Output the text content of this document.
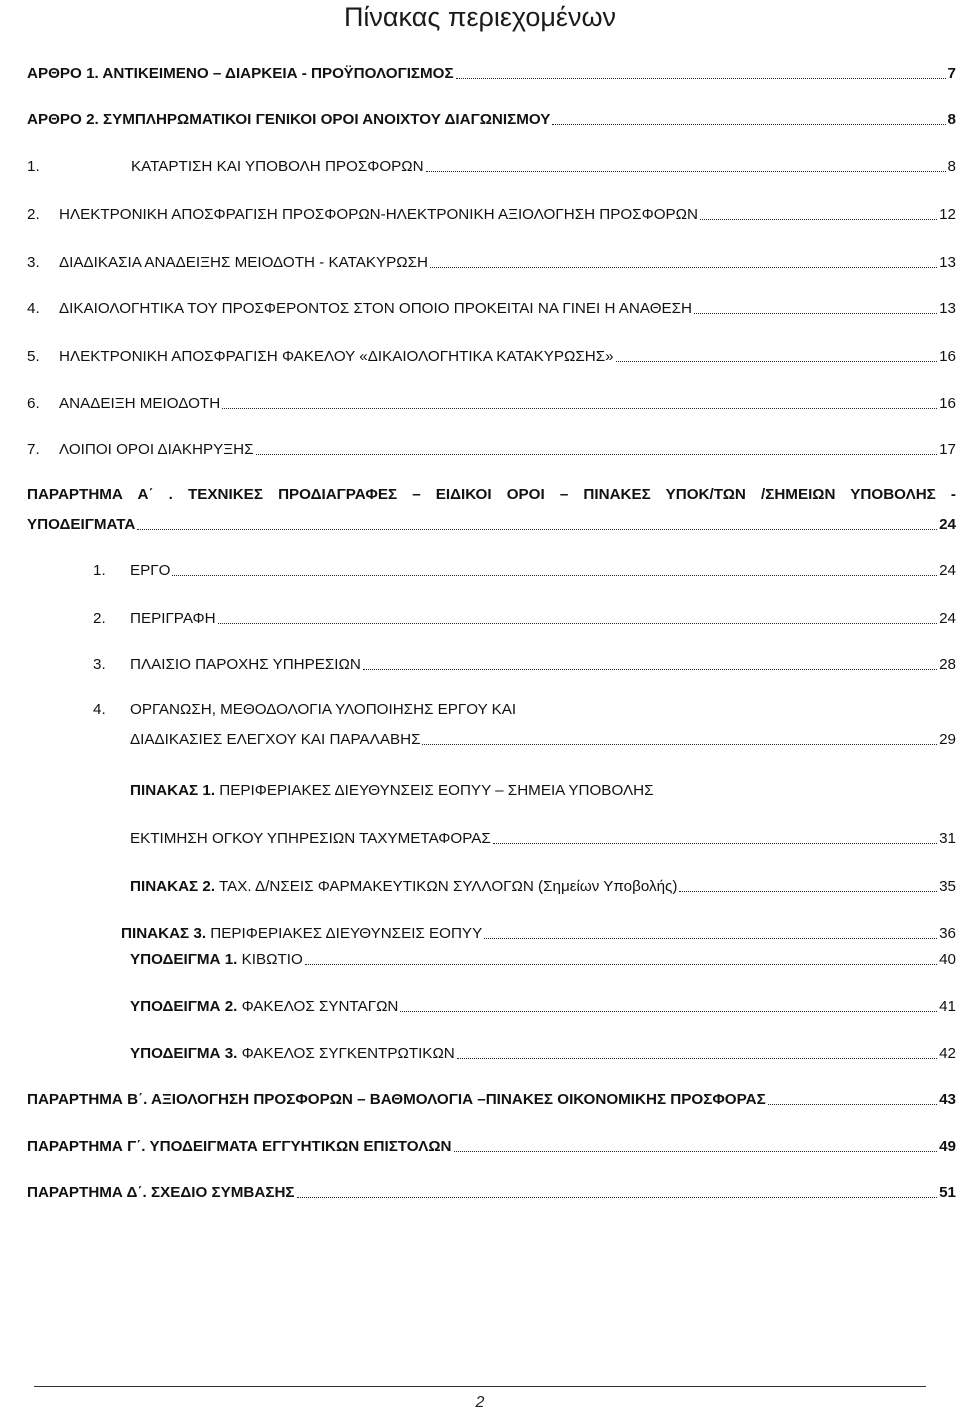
Πίνακας περιεχομένων
ΑΡΘΡΟ 1. ΑΝΤΙΚΕΙΜΕΝΟ – ΔΙΑΡΚΕΙΑ - ΠΡΟΫΠΟΛΟΓΙΣΜΟΣ	7
ΑΡΘΡΟ 2. ΣΥΜΠΛΗΡΩΜΑΤΙΚΟΙ ΓΕΝΙΚΟΙ ΟΡΟΙ ΑΝΟΙΧΤΟΥ ΔΙΑΓΩΝΙΣΜΟΥ	8
1.	ΚΑΤΑΡΤΙΣΗ ΚΑΙ ΥΠΟΒΟΛΗ ΠΡΟΣΦΟΡΩΝ	8
2.	ΗΛΕΚΤΡΟΝΙΚΗ ΑΠΟΣΦΡΑΓΙΣΗ ΠΡΟΣΦΟΡΩΝ-ΗΛΕΚΤΡΟΝΙΚΗ ΑΞΙΟΛΟΓΗΣΗ ΠΡΟΣΦΟΡΩΝ	12
3.	ΔΙΑΔΙΚΑΣΙΑ ΑΝΑΔΕΙΞΗΣ ΜΕΙΟΔΟΤΗ - ΚΑΤΑΚΥΡΩΣΗ	13
4.	ΔΙΚΑΙΟΛΟΓΗΤΙΚΑ ΤΟΥ ΠΡΟΣΦΕΡΟΝΤΟΣ ΣΤΟΝ ΟΠΟΙΟ ΠΡΟΚΕΙΤΑΙ ΝΑ ΓΙΝΕΙ Η ΑΝΑΘΕΣΗ	13
5.	ΗΛΕΚΤΡΟΝΙΚΗ ΑΠΟΣΦΡΑΓΙΣΗ ΦΑΚΕΛΟΥ «ΔΙΚΑΙΟΛΟΓΗΤΙΚΑ ΚΑΤΑΚΥΡΩΣΗΣ»	16
6.	ΑΝΑΔΕΙΞΗ ΜΕΙΟΔΟΤΗ	16
7.	ΛΟΙΠΟΙ ΟΡΟΙ ΔΙΑΚΗΡΥΞΗΣ	17
ΠΑΡΑΡΤΗΜΑ Α΄ . ΤΕΧΝΙΚΕΣ ΠΡΟΔΙΑΓΡΑΦΕΣ – ΕΙΔΙΚΟΙ ΟΡΟΙ – ΠΙΝΑΚΕΣ ΥΠΟΚ/ΤΩΝ /ΣΗΜΕΙΩΝ ΥΠΟΒΟΛΗΣ -
ΥΠΟΔΕΙΓΜΑΤΑ	24
1.	ΕΡΓΟ	24
2.	ΠΕΡΙΓΡΑΦΗ	24
3.	ΠΛΑΙΣΙΟ ΠΑΡΟΧΗΣ ΥΠΗΡΕΣΙΩΝ	28
4. ΟΡΓΑΝΩΣΗ, ΜΕΘΟΔΟΛΟΓΙΑ ΥΛΟΠΟΙΗΣΗΣ ΕΡΓΟΥ ΚΑΙ
ΔΙΑΔΙΚΑΣΙΕΣ ΕΛΕΓΧΟΥ ΚΑΙ ΠΑΡΑΛΑΒΗΣ	29
ΠΙΝΑΚΑΣ 1. ΠΕΡΙΦΕΡΙΑΚΕΣ ΔΙΕΥΘΥΝΣΕΙΣ ΕΟΠΥΥ – ΣΗΜΕΙΑ ΥΠΟΒΟΛΗΣ
ΕΚΤΙΜΗΣΗ ΟΓΚΟΥ ΥΠΗΡΕΣΙΩΝ ΤΑΧΥΜΕΤΑΦΟΡΑΣ	31
ΠΙΝΑΚΑΣ 2. ΤΑΧ. Δ/ΝΣΕΙΣ ΦΑΡΜΑΚΕΥΤΙΚΩΝ ΣΥΛΛΟΓΩΝ (Σημείων Υποβολής)	35
ΠΙΝΑΚΑΣ 3. ΠΕΡΙΦΕΡΙΑΚΕΣ ΔΙΕΥΘΥΝΣΕΙΣ ΕΟΠΥΥ	36
ΥΠΟΔΕΙΓΜΑ 1. ΚΙΒΩΤΙΟ	40
ΥΠΟΔΕΙΓΜΑ 2. ΦΑΚΕΛΟΣ ΣΥΝΤΑΓΩΝ	41
ΥΠΟΔΕΙΓΜΑ 3. ΦΑΚΕΛΟΣ ΣΥΓΚΕΝΤΡΩΤΙΚΩΝ	42
ΠΑΡΑΡΤΗΜΑ Β΄. ΑΞΙΟΛΟΓΗΣΗ ΠΡΟΣΦΟΡΩΝ – ΒΑΘΜΟΛΟΓΙΑ –ΠΙΝΑΚΕΣ ΟΙΚΟΝΟΜΙΚΗΣ ΠΡΟΣΦΟΡΑΣ	43
ΠΑΡΑΡΤΗΜΑ Γ΄. ΥΠΟΔΕΙΓΜΑΤΑ ΕΓΓΥΗΤΙΚΩΝ ΕΠΙΣΤΟΛΩΝ	49
ΠΑΡΑΡΤΗΜΑ Δ΄. ΣΧΕΔΙΟ ΣΥΜΒΑΣΗΣ	51
2
